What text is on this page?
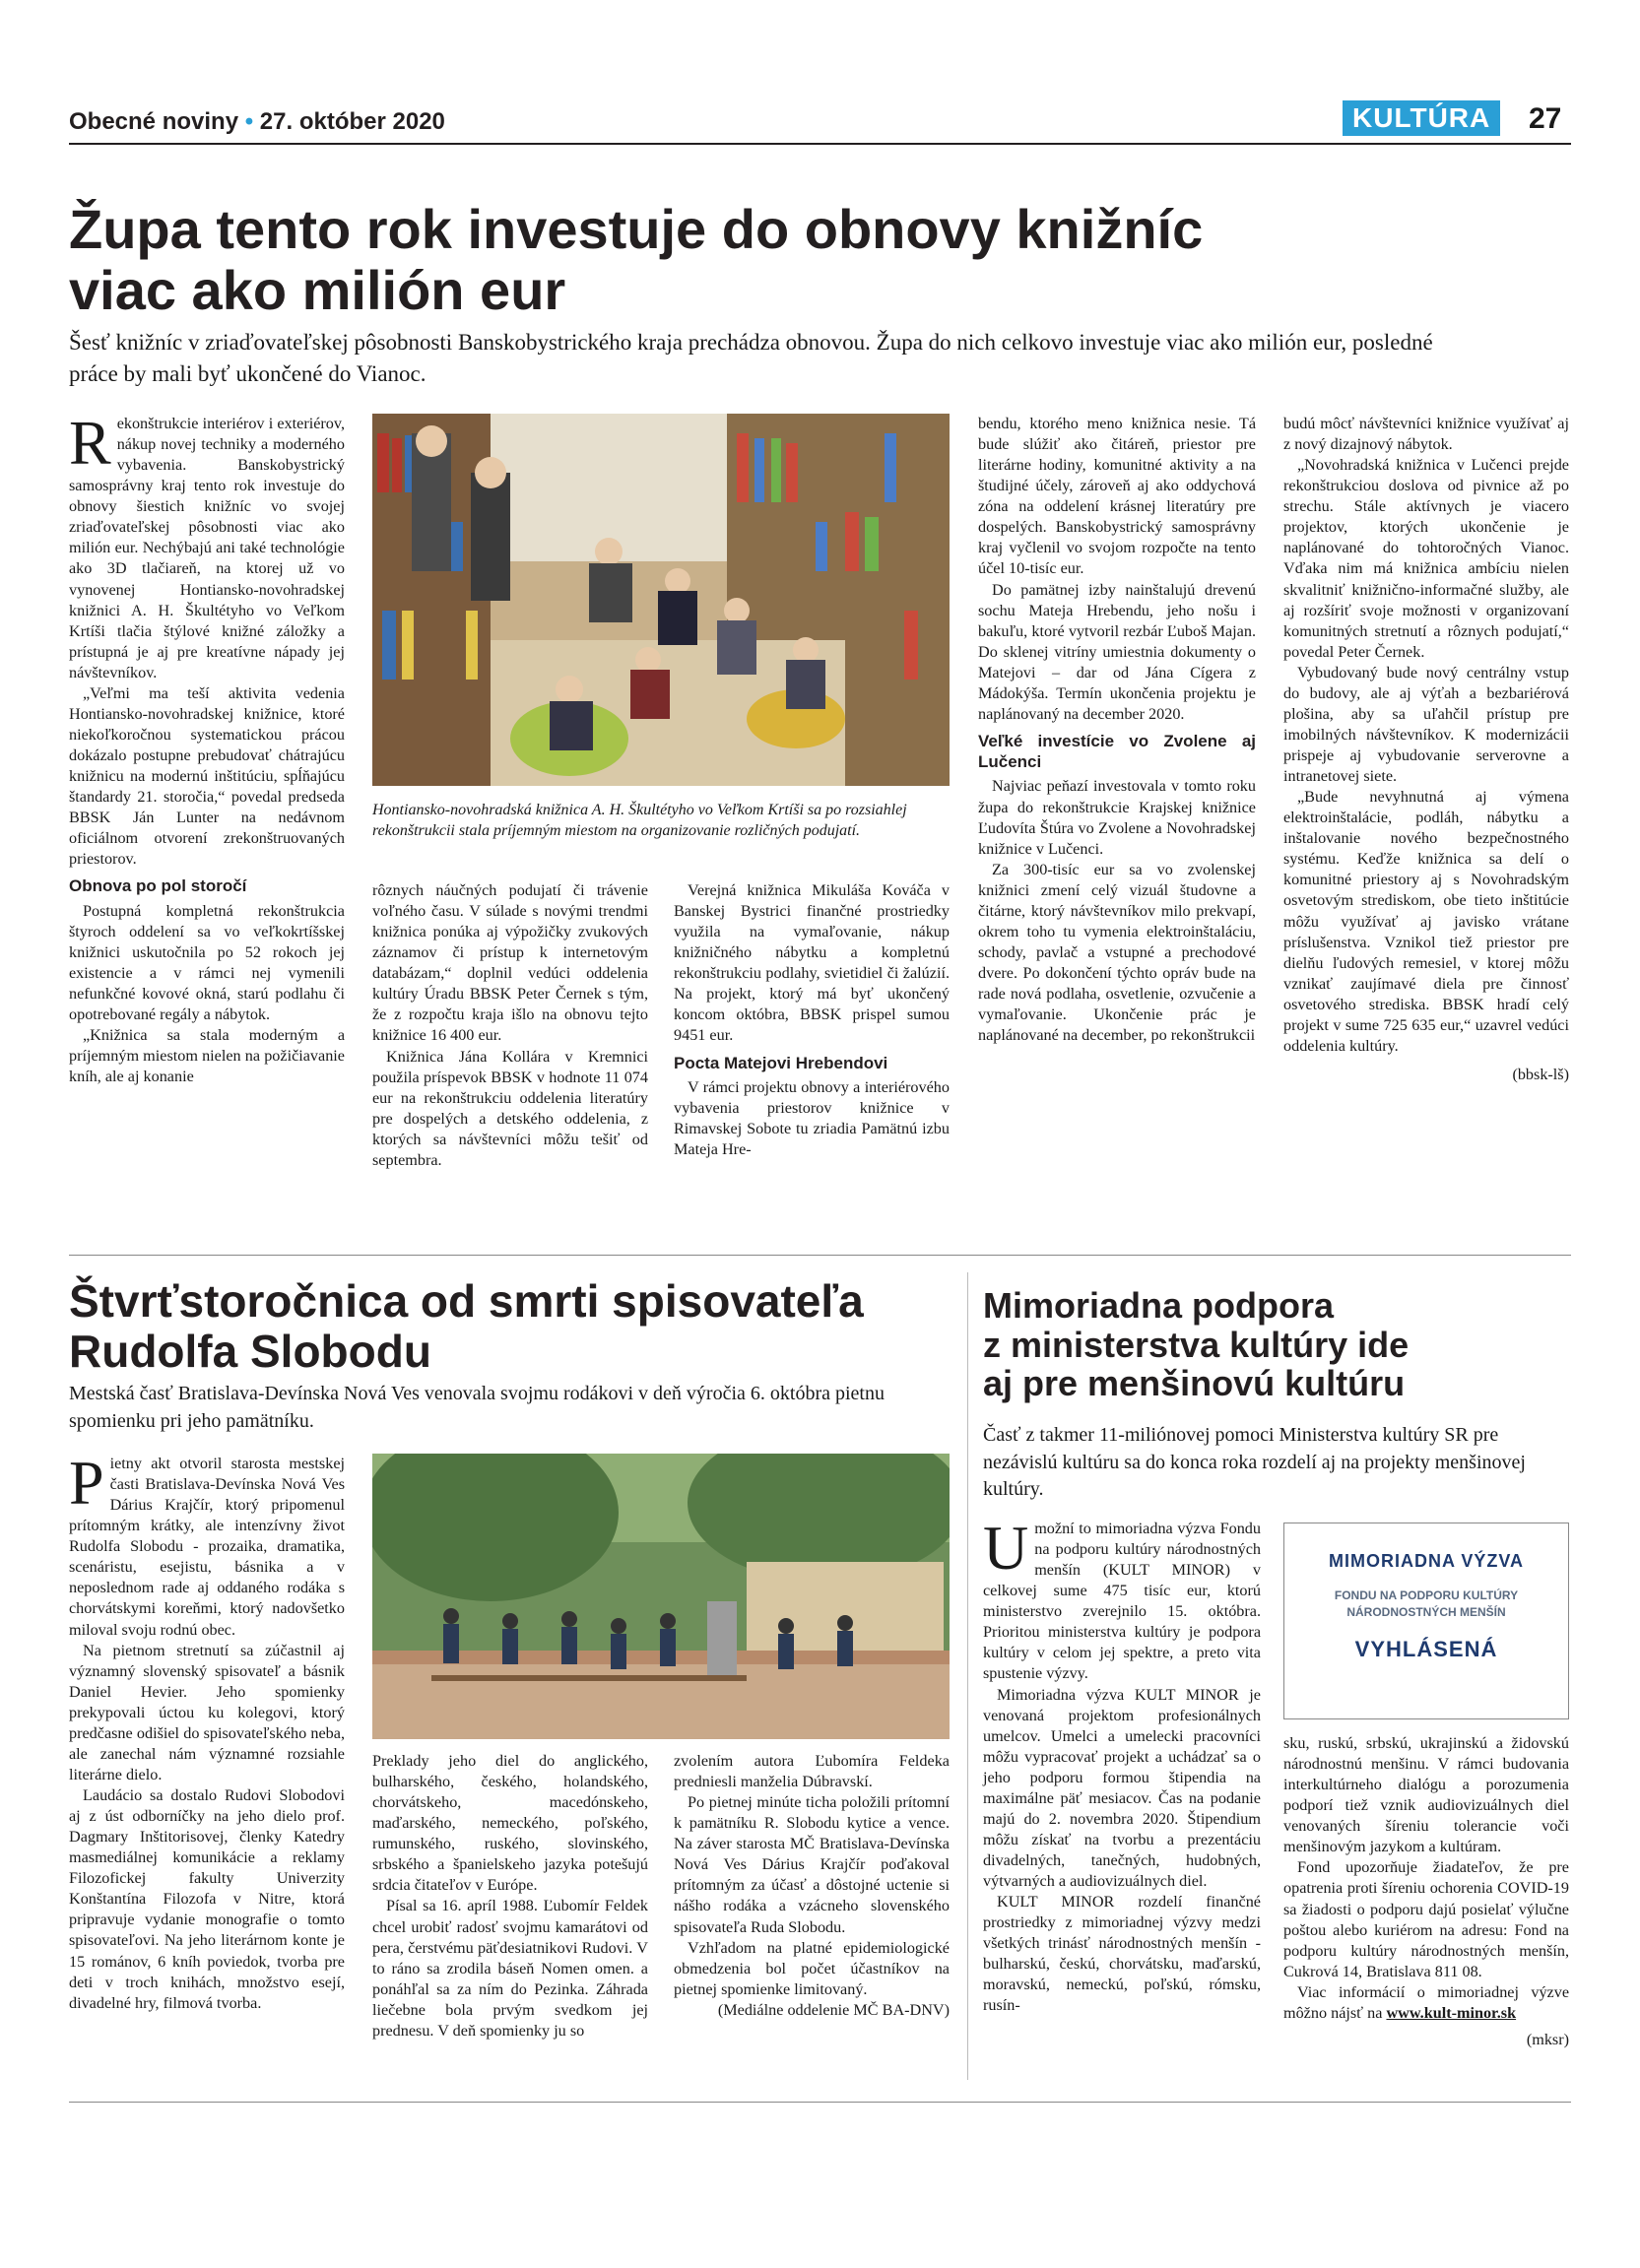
Obecné noviny • 27. október 2020	KULTÚRA	27
Župa tento rok investuje do obnovy knižníc
viac ako milión eur
Šesť knižníc v zriaďovateľskej pôsobnosti Banskobystrického kraja prechádza obnovou. Župa do nich celkovo investuje viac ako milión eur, posledné práce by mali byť ukončené do Vianoc.

Rekonštrukcie interiérov i exteriérov, nákup novej techniky a moderného vybavenia. Banskobystrický samosprávny kraj tento rok investuje do obnovy šiestich knižníc vo svojej zriaďovateľskej pôsobnosti viac ako milión eur. Nechýbajú ani také technológie ako 3D tlačiareň, na ktorej už vo vynovenej Hontiansko-novohradskej knižnici A. H. Škultétyho vo Veľkom Krtíši tlačia štýlové knižné záložky a prístupná je aj pre kreatívne nápady jej návštevníkov.

„Veľmi ma teší aktivita vedenia Hontiansko-novohradskej knižnice, ktoré niekoľkoročnou systematickou prácou dokázalo postupne prebudovať chátrajúcu knižnicu na modernú inštitúciu, spĺňajúcu štandardy 21. storočia,“ povedal predseda BBSK Ján Lunter na nedávnom oficiálnom otvorení zrekonštruovaných priestorov.

Obnova po pol storočí

Postupná kompletná rekonštrukcia štyroch oddelení sa vo veľkokrtíšskej knižnici uskutočnila po 52 rokoch jej existencie a v rámci nej vymenili nefunkčné kovové okná, starú podlahu či opotrebované regály a nábytok.

„Knižnica sa stala moderným a príjemným miestom nielen na požičiavanie kníh, ale aj konanie

Hontiansko-novohradská knižnica A. H. Škultétyho vo Veľkom Krtíši sa po rozsiahlej rekonštrukcii stala príjemným miestom na organizovanie rozličných podujatí.

rôznych náučných podujatí či trávenie voľného času. V súlade s novými trendmi knižnica ponúka aj výpožičky zvukových záznamov či prístup k internetovým databázam,“ doplnil vedúci oddelenia kultúry Úradu BBSK Peter Černek s tým, že z rozpočtu kraja išlo na obnovu tejto knižnice 16 400 eur.

Knižnica Jána Kollára v Kremnici použila príspevok BBSK v hodnote 11 074 eur na rekonštrukciu oddelenia literatúry pre dospelých a detského oddelenia, z ktorých sa návštevníci môžu tešiť od septembra.

Verejná knižnica Mikuláša Kováča v Banskej Bystrici finančné prostriedky využila na vymaľovanie, nákup knižničného nábytku a kompletnú rekonštrukciu podlahy, svietidiel či žalúzií. Na projekt, ktorý má byť ukončený koncom októbra, BBSK prispel sumou 9451 eur.

Pocta Matejovi Hrebendovi

V rámci projektu obnovy a interiérového vybavenia priestorov knižnice v Rimavskej Sobote tu zriadia Pamätnú izbu Mateja Hre-

bendu, ktorého meno knižnica nesie. Tá bude slúžiť ako čitáreň, priestor pre literárne hodiny, komunitné aktivity a na študijné účely, zároveň aj ako oddychová zóna na oddelení krásnej literatúry pre dospelých. Banskobystrický samosprávny kraj vyčlenil vo svojom rozpočte na tento účel 10-tisíc eur.

Do pamätnej izby nainštalujú drevenú sochu Mateja Hrebendu, jeho nošu i bakuľu, ktoré vytvoril rezbár Ľuboš Majan. Do sklenej vitríny umiestnia dokumenty o Matejovi – dar od Jána Cígera z Mádokýša. Termín ukončenia projektu je naplánovaný na december 2020.

Veľké investície vo Zvolene aj Lučenci

Najviac peňazí investovala v tomto roku župa do rekonštrukcie Krajskej knižnice Ľudovíta Štúra vo Zvolene a Novohradskej knižnice v Lučenci.

Za 300-tisíc eur sa vo zvolenskej knižnici zmení celý vizuál študovne a čitárne, ktorý návštevníkov milo prekvapí, okrem toho tu vymenia elektroinštaláciu, schody, pavlač a vstupné a prechodové dvere. Po dokončení týchto opráv bude na rade nová podlaha, osvetlenie, ozvučenie a vymaľovanie. Ukončenie prác je naplánované na december, po rekonštrukcii

budú môcť návštevníci knižnice využívať aj z nový dizajnový nábytok.

„Novohradská knižnica v Lučenci prejde rekonštrukciou doslova od pivnice až po strechu. Stále aktívnych je viacero projektov, ktorých ukončenie je naplánované do tohtoročných Vianoc. Vďaka nim má knižnica ambíciu nielen skvalitniť knižnično-informačné služby, ale aj rozšíriť svoje možnosti v organizovaní komunitných stretnutí a rôznych podujatí,“ povedal Peter Černek.

Vybudovaný bude nový centrálny vstup do budovy, ale aj výťah a bezbariérová plošina, aby sa uľahčil prístup pre imobilných návštevníkov. K modernizácii prispeje aj vybudovanie serverovne a intranetovej siete.

„Bude nevyhnutná aj výmena elektroinštalácie, podláh, nábytku a inštalovanie nového bezpečnostného systému. Keďže knižnica sa delí o komunitné priestory aj s Novohradským osvetovým strediskom, obe tieto inštitúcie môžu využívať aj javisko vrátane príslušenstva. Vznikol tiež priestor pre dielňu ľudových remesiel, v ktorej môžu vznikať zaujímavé diela pre činnosť osvetového strediska. BBSK hradí celý projekt v sume 725 635 eur,“ uzavrel vedúci oddelenia kultúry.

(bbsk-lš)
Štvrťstoročnica od smrti spisovateľa
Rudolfa Slobodu
Mestská časť Bratislava-Devínska Nová Ves venovala svojmu rodákovi v deň výročia 6. októbra pietnu spomienku pri jeho pamätníku.

Pietny akt otvoril starosta mestskej časti Bratislava-Devínska Nová Ves Dárius Krajčír, ktorý pripomenul prítomným krátky, ale intenzívny život Rudolfa Slobodu - prozaika, dramatika, scenáristu, esejistu, básnika a v neposlednom rade aj oddaného rodáka s chorvátskymi koreňmi, ktorý nadovšetko miloval svoju rodnú obec.

Na pietnom stretnutí sa zúčastnil aj významný slovenský spisovateľ a básnik Daniel Hevier. Jeho spomienky prekypovali úctou ku kolegovi, ktorý predčasne odišiel do spisovateľského neba, ale zanechal nám významné rozsiahle literárne dielo.

Laudácio sa dostalo Rudovi Slobodovi aj z úst odborníčky na jeho dielo prof. Dagmary Inštitorisovej, členky Katedry masmediálnej komunikácie a reklamy Filozofickej fakulty Univerzity Konštantína Filozofa v Nitre, ktorá pripravuje vydanie monografie o tomto spisovateľovi. Na jeho literárnom konte je 15 románov, 6 kníh poviedok, tvorba pre deti v troch knihách, množstvo esejí, divadelné hry, filmová tvorba.

Preklady jeho diel do anglického, bulharského, českého, holandského, chorvátskeho, macedónskeho, maďarského, nemeckého, poľského, rumunského, ruského, slovinského, srbského a španielskeho jazyka potešujú srdcia čitateľov v Európe.

Písal sa 16. apríl 1988. Ľubomír Feldek chcel urobiť radosť svojmu kamarátovi od pera, čerstvému päťdesiatnikovi Rudovi. V to ráno sa zrodila báseň Nomen omen. a ponáhľal sa za ním do Pezinka. Záhrada liečebne bola prvým svedkom jej prednesu. V deň spomienky ju so

zvolením autora Ľubomíra Feldeka predniesli manželia Dúbravskí.

Po pietnej minúte ticha položili prítomní k pamätníku R. Slobodu kytice a vence. Na záver starosta MČ Bratislava-Devínska Nová Ves Dárius Krajčír poďakoval prítomným za účasť a dôstojné uctenie si nášho rodáka a vzácneho slovenského spisovateľa Ruda Slobodu.

Vzhľadom na platné epidemiologické obmedzenia bol počet účastníkov na pietnej spomienke limitovaný.

(Mediálne oddelenie MČ BA-DNV)
Mimoriadna podpora
z ministerstva kultúry ide
aj pre menšinovú kultúru
Časť z takmer 11-miliónovej pomoci Ministerstva kultúry SR pre nezávislú kultúru sa do konca roka rozdelí aj na projekty menšinovej kultúry.

Umožní to mimoriadna výzva Fondu na podporu kultúry národnostných menšín (KULT MINOR) v celkovej sume 475 tisíc eur, ktorú ministerstvo zverejnilo 15. októbra. Prioritou ministerstva kultúry je podpora kultúry v celom jej spektre, a preto vita spustenie výzvy.

Mimoriadna výzva KULT MINOR je venovaná projektom profesionálnych umelcov. Umelci a umelecki pracovníci môžu vypracovať projekt a uchádzať sa o jeho podporu formou štipendia na maximálne päť mesiacov. Čas na podanie majú do 2. novembra 2020. Štipendium môžu získať na tvorbu a prezentáciu divadelných, tanečných, hudobných, výtvarných a audiovizuálnych diel.

KULT MINOR rozdelí finančné prostriedky z mimoriadnej výzvy medzi všetkých trinásť národnostných menšín - bulharskú, českú, chorvátsku, maďarskú, moravskú, nemeckú, poľskú, rómsku, rusín-

MIMORIADNA VÝZVA
FONDU NA PODPORU KULTÚRY NÁRODNOSTNÝCH MENŠÍN
VYHLÁSENÁ

sku, ruskú, srbskú, ukrajinskú a židovskú národnostnú menšinu. V rámci budovania interkultúrneho dialógu a porozumenia podporí tiež vznik audiovizuálnych diel venovaných šíreniu tolerancie voči menšinovým jazykom a kultúram.

Fond upozorňuje žiadateľov, že pre opatrenia proti šíreniu ochorenia COVID-19 sa žiadosti o podporu dajú posielať výlučne poštou alebo kuriérom na adresu: Fond na podporu kultúry národnostných menšín, Cukrová 14, Bratislava 811 08.

Viac informácií o mimoriadnej výzve môžno nájsť na www.kult-minor.sk

(mksr)
